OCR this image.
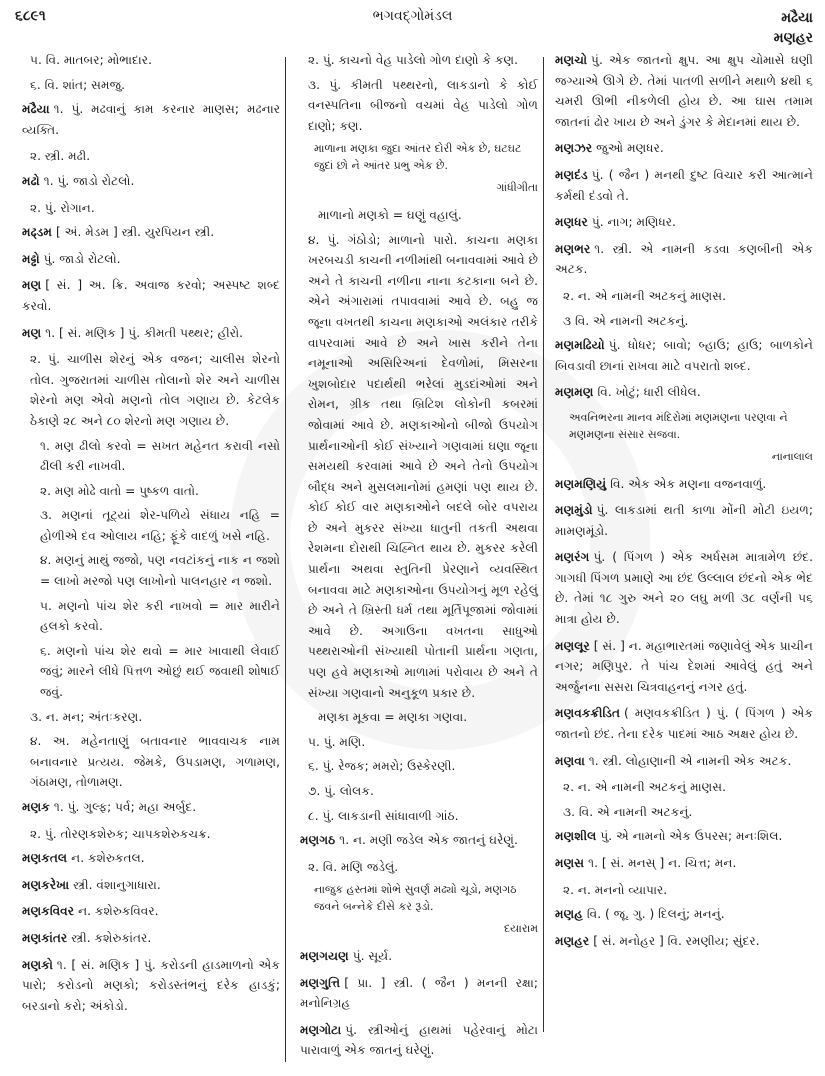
૬૮૯૧	ભગવદ્ગોમંડલ	મઢૈયા
મણહર
૫. વિ. માતબર; મોભાદાર.
૬. વિ. શાંત; સમજુ.
મઢૈયા ૧. પું. મઢવાનું કામ કરનાર માણસ; મઢનાર વ્યક્તિ.
૨. સ્ત્રી. મઢી.
મઢો ૧. પું. જાડો રોટલો.
૨. પું. રોગાન.
મઢ્ડમ [ અં. મેડમ ] સ્ત્રી. યુરપિયન સ્ત્રી.
મઢ્ઢો પું. જાડો રોટલો.
મણ [ સં. ] અ. ક્રિ. અવાજ કરવો; અસ્પષ્ટ શબ્દ કરવો.
મણ ૧. [ સં. મણિક ] પું. કીમતી પથ્થર; હીરો.
૨. પું. ચાળીસ શેરનું એક વજન; ચાલીસ શેરનો તોલ. ગુજરાતમાં ચાળીસ તોલાનો શેર અને ચાળીસ શેરનો મણ એવો મણનો તોલ ગણાય છે. કેટલેક ઠેકાણે ૨૮ અને ૮૦ શેરનો મણ ગણાય છે.
૧. મણ ઢીલો કરવો = સખત મહેનત કરાવી નસો ઢીલી કરી નાખવી.
૨. મણ મોઢે વાતો = પુષ્કળ વાતો.
૩. મણનાં તૂટ્યાં શેર-પળિયે સંધાય નહિ = હોળીએ દવ ઓલાય નહિ; ફૂંકે વાદળું ખસે નહિ.
૪. મણનું માથું જજો, પણ નવટાંકનું નાક ન જશો = લાખો મરજો પણ લાખોનો પાલનહાર ન જશો.
૫. મણનો પાંચ શેર કરી નાખવો = માર મારીને હલકો કરવો.
૬. મણનો પાંચ શેર થવો = માર ખાવાથી લેવાઈ જવું; મારને લીધે પિત્તળ ઓછું થઈ જવાથી શોષાઈ જવું.
૩. ન. મન; અંતઃકરણ.
૪. અ. મહેનતાણું બતાવનાર ભાવવાચક નામ બનાવનાર પ્રત્યય. જેમકે, ઉપડામણ, ગળામણ, ગંઠામણ, તોળામણ.
મણક ૧. પું. ગુલ્ફ; પર્વ; મહા અર્બુદ.
૨. પું. તોરણકશેરુક; ચાપકશેરુકચક્ર.
મણકતલ ન. કશેરુકતલ.
મણકરેખા સ્ત્રી. વંશાનુગાધારા.
મણકવિવર ન. કશેરુકવિવર.
મણકાંતર સ્ત્રી. કશેરુકાંતર.
મણકો ૧. [ સં. મણિક ] પું. કરોડની હાડમાળનો એક પારો; કરોડનો મણકો; કરોડસ્તંભનું દરેક હાડકું; બરડાનો કરો; અંકોડો.
૨. પું. કાચનો વેહ પાડેલો ગોળ દાણો કે કણ.
૩. પું. કીમતી પથ્થરનો, લાકડાનો કે કોઈ વનસ્પતિના બીજનો વચમાં વેહ પાડેલો ગોળ દાણો; કણ.
માળાના મણકા જુદા આંતર દોરી એક છે, ઘટઘટ જુદાં છો ને આંતર પ્રભુ એક છે.
ગાંધીગીતા
માળાનો મણકો = ઘણું વહાલું.
૪. પું. ગંઠોડો; માળાનો પારો. કાચના મણકા ખરબચડી કાચની નળીમાંથી બનાવવામાં આવે છે અને તે કાચની નળીના નાના કટકાના બને છે. એને અંગારામાં તપાવવામાં આવે છે. બહુ જ જૂના વખતથી કાચના મણકાઓ અલંકાર તરીકે વાપરવામાં આવે છે અને ખાસ કરીને તેના નમૂનાઓ અસિરિઅનાં દેવળોમાં, મિસરના ખુશબોદાર પદાર્થથી ભરેલાં મુડદાંઓમાં અને રોમન, ગ્રીક તથા બ્રિટિશ લોકોની કબરમાં જોવામાં આવે છે. મણકાઓનો બીજો ઉપયોગ પ્રાર્થનાઓની કોઈ સંખ્યાને ગણવામાં ઘણા જૂના સમયથી કરવામાં આવે છે અને તેનો ઉપયોગ બૌદ્ધ અને મુસલમાનોમાં હમણાં પણ થાય છે. કોઈ કોઈ વાર મણકાઓને બદલે બોર વપરાય છે અને મુકરર સંખ્યા ધાતુની તકતી અથવા રેશમના દોરાથી ચિહ્નિત થાય છે. મુકરર કરેલી પ્રાર્થના અથવા સ્તુતિની પ્રેરણાને વ્યવસ્થિત બનાવવા માટે મણકાઓના ઉપયોગનું મૂળ રહેલું છે અને તે ખ્રિસ્તી ધર્મ તથા મૂર્તિપૂજામાં જોવામાં આવે છે. અગાઉના વખતના સાધુઓ પથ્થરાઓની સંખ્યાથી પોતાની પ્રાર્થના ગણતા, પણ હવે મણકાઓ માળામાં પરોવાય છે અને તે સંખ્યા ગણવાનો અનુકૂળ પ્રકાર છે.
મણકા મૂકવા = મણકા ગણવા.
૫. પું. મણિ.
૬. પું. રેજક; મમરો; ઉસ્કેરણી.
૭. પું. લોલક.
૮. પું. લાકડાની સાંધાવાળી ગાંઠ.
મણગઠ ૧. ન. મણી જડેલ એક જાતનું ઘરેણું.
૨. વિ. મણિ જડેલું.
નાજુક હસ્તમાં શોભે સુવર્ણ મઢ્યો ચૂડો, મણગઠ જવને બન્નેકે દીસે કર રૂડો.
દયારામ
મણગયણ પું. સૂર્ય.
મણગુત્તિ [ પ્રા. ] સ્ત્રી. ( જૈન ) મનની રક્ષા; મનોનિગ્રહ
મણગોટા પું. સ્ત્રીઓનું હાથમાં પહેરવાનું મોટા પારાવાળું એક જાતનું ઘરેણું.
મણચો પું. એક જાતનો ક્ષુપ. આ ક્ષુપ ચોમાસે ઘણી જગ્યાએ ઊગે છે. તેમાં પાતળી સળીને મથાળે ૪થી ૬ ચમરી ઊભી નીકળેલી હોય છે. આ ઘાસ તમામ જાતનાં ઢોર ખાય છે અને ડુંગર કે મેદાનમાં થાય છે.
મણઝર જુઓ મણધર.
મણદંડ પું. ( જૈન ) મનથી દુષ્ટ વિચાર કરી આત્માને કર્મથી દંડવો તે.
મણધર પું. નાગ; મણિધર.
મણભર ૧. સ્ત્રી. એ નામની કડવા કણબીની એક અટક.
૨. ન. એ નામની અટકનું માણસ.
૩ વિ. એ નામની અટકનું.
મણમઢિયો પું. ધોધર; બાવો; બ્હાઉ; હાઉ; બાળકોને બિવડાવી છાનાં રાખવા માટે વપરાતો શબ્દ.
મણમણ વિ. ખોટું; ધારી લીધેલ.
અવનિભરના માનવ મંદિરોમાં મણમણના પરણવા ને મણમણના સંસાર સજવા.
નાનાલાલ
મણમણિયું વિ. એક એક મણના વજનવાળું.
મણમુંડો પું. લાકડામાં થતી કાળા મોંની મોટી ઇયળ; મામણમૂંડો.
મણરંગ પું. ( પિંગળ ) એક અર્ધસમ માત્રામેળ છંદ. ગાગધી પિંગળ પ્રમાણે આ છંદ ઉલ્લાલ છંદનો એક ભેદ છે. તેમાં ૧૮ ગુરુ અને ૨૦ લઘુ મળી ૩૮ વર્ણની ૫૬ માત્રા હોય છે.
મણલૂર [ સં. ] ન. મહાભારતમાં જણાવેલું એક પ્રાચીન નગર; મણિપુર. તે પાંચ દેશમાં આવેલું હતું અને અર્જુનના સસરા ચિત્રવાહનનું નગર હતું.
મણવકક્રીડિત ( મણવકક્રીડિત ) પું. ( પિંગળ ) એક જાતનો છંદ. તેના દરેક પાદમાં આઠ અક્ષર હોય છે.
મણવા ૧. સ્ત્રી. લોહાણાની એ નામની એક અટક.
૨. ન. એ નામની અટકનું માણસ.
૩. વિ. એ નામની અટકનું.
મણશીલ પું. એ નામનો એક ઉપરસ; મનઃશિલ.
મણસ ૧. [ સં. મનસ્ ] ન. ચિત્ત; મન.
૨. ન. મનનો વ્યાપાર.
મણહ વિ. ( જૂ. ગુ. ) દિલનું; મનનું.
મણહર [ સં. મનોહર ] વિ. રમણીય; સુંદર.
